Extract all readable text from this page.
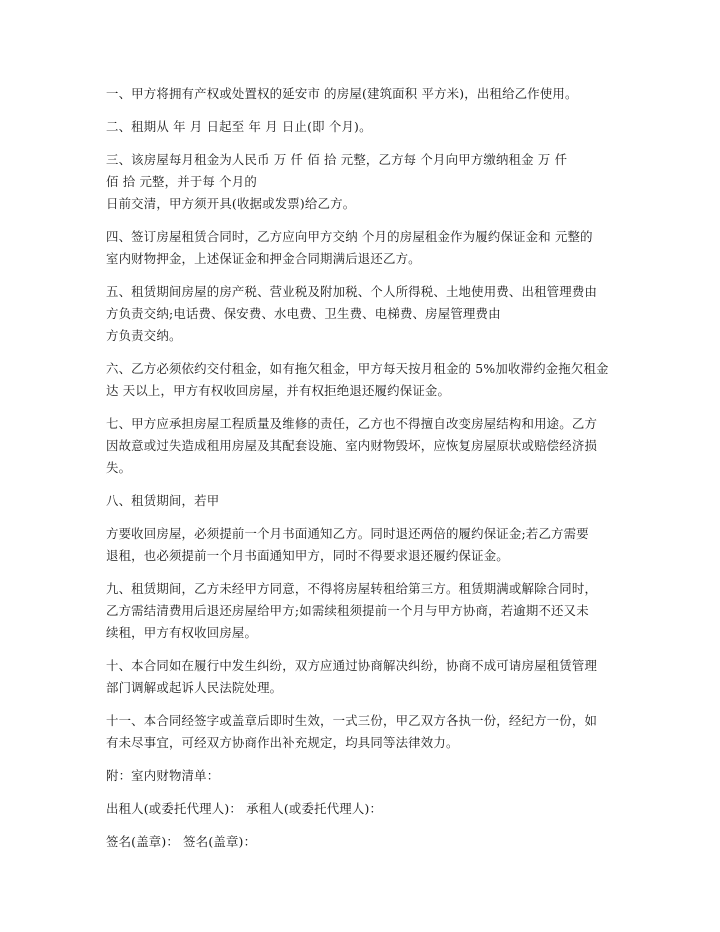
一、甲方将拥有产权或处置权的延安市 的房屋(建筑面积 平方米)，出租给乙作使用。
二、租期从 年 月 日起至 年 月 日止(即 个月)。
三、该房屋每月租金为人民币 万 仟 佰 拾 元整，乙方每 个月向甲方缴纳租金 万 仟
佰 拾 元整，并于每 个月的
日前交清，甲方须开具(收据或发票)给乙方。
四、签订房屋租赁合同时，乙方应向甲方交纳 个月的房屋租金作为履约保证金和 元整的
室内财物押金，上述保证金和押金合同期满后退还乙方。
五、租赁期间房屋的房产税、营业税及附加税、个人所得税、土地使用费、出租管理费由
方负责交纳;电话费、保安费、水电费、卫生费、电梯费、房屋管理费由
方负责交纳。
六、乙方必须依约交付租金，如有拖欠租金，甲方每天按月租金的 5%加收滞约金拖欠租金
达 天以上，甲方有权收回房屋，并有权拒绝退还履约保证金。
七、甲方应承担房屋工程质量及维修的责任，乙方也不得擅自改变房屋结构和用途。乙方
因故意或过失造成租用房屋及其配套设施、室内财物毁坏，应恢复房屋原状或赔偿经济损
失。
八、租赁期间，若甲
方要收回房屋，必须提前一个月书面通知乙方。同时退还两倍的履约保证金;若乙方需要
退租，也必须提前一个月书面通知甲方，同时不得要求退还履约保证金。
九、租赁期间，乙方未经甲方同意，不得将房屋转租给第三方。租赁期满或解除合同时，
乙方需结清费用后退还房屋给甲方;如需续租须提前一个月与甲方协商，若逾期不还又未
续租，甲方有权收回房屋。
十、本合同如在履行中发生纠纷，双方应通过协商解决纠纷，协商不成可请房屋租赁管理
部门调解或起诉人民法院处理。
十一、本合同经签字或盖章后即时生效，一式三份，甲乙双方各执一份，经纪方一份，如
有未尽事宜，可经双方协商作出补充规定，均具同等法律效力。
附：室内财物清单：
出租人(或委托代理人)： 承租人(或委托代理人)：
签名(盖章)： 签名(盖章)：
